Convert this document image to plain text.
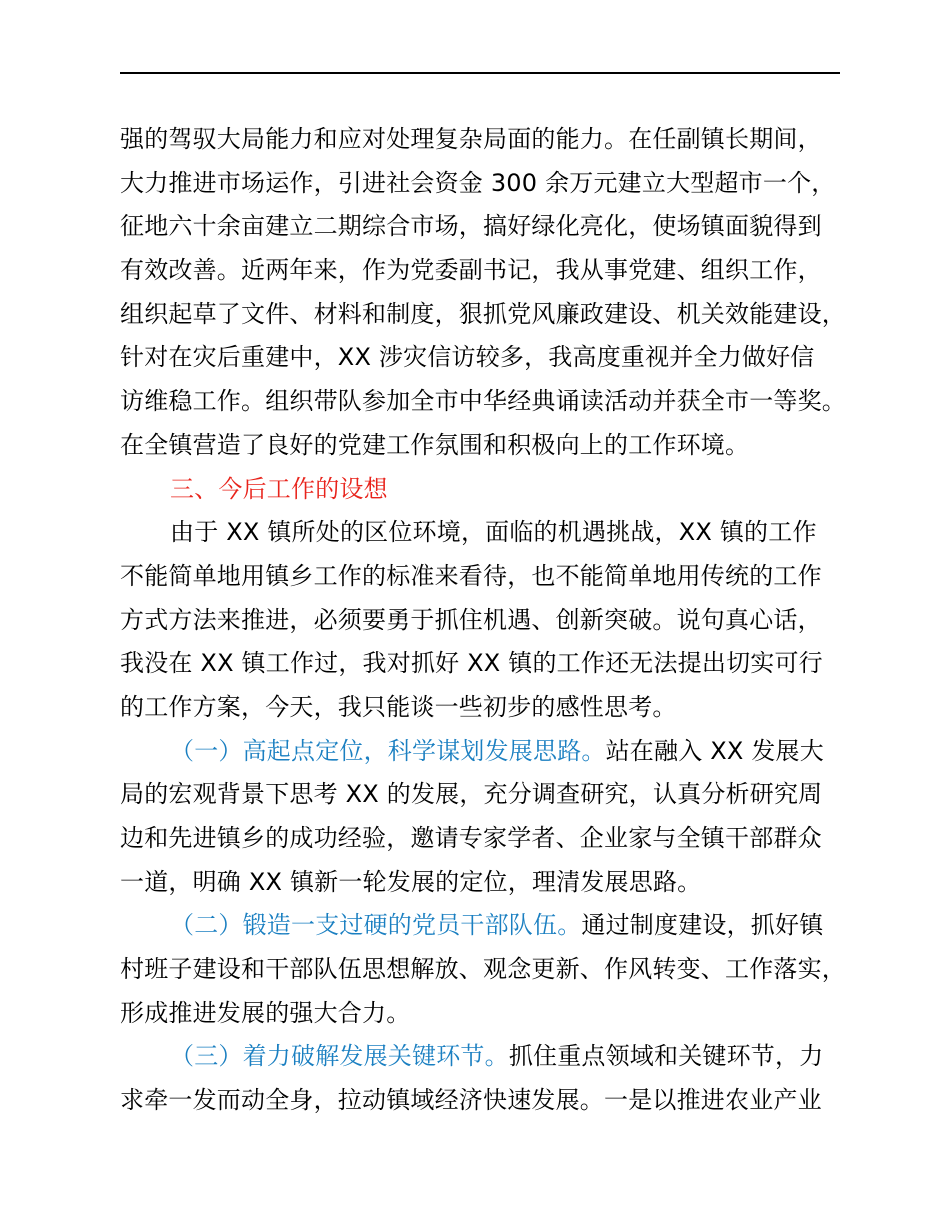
强的驾驭大局能力和应对处理复杂局面的能力。在任副镇长期间，
大力推进市场运作，引进社会资金 300 余万元建立大型超市一个，
征地六十余亩建立二期综合市场，搞好绿化亮化，使场镇面貌得到
有效改善。近两年来，作为党委副书记，我从事党建、组织工作，
组织起草了文件、材料和制度，狠抓党风廉政建设、机关效能建设，
针对在灾后重建中，XX 涉灾信访较多，我高度重视并全力做好信
访维稳工作。组织带队参加全市中华经典诵读活动并获全市一等奖。
在全镇营造了良好的党建工作氛围和积极向上的工作环境。
三、今后工作的设想
由于 XX 镇所处的区位环境，面临的机遇挑战，XX 镇的工作
不能简单地用镇乡工作的标准来看待，也不能简单地用传统的工作
方式方法来推进，必须要勇于抓住机遇、创新突破。说句真心话，
我没在 XX 镇工作过，我对抓好 XX 镇的工作还无法提出切实可行
的工作方案，今天，我只能谈一些初步的感性思考。
（一）高起点定位，科学谋划发展思路。站在融入 XX 发展大
局的宏观背景下思考 XX 的发展，充分调查研究，认真分析研究周
边和先进镇乡的成功经验，邀请专家学者、企业家与全镇干部群众
一道，明确 XX 镇新一轮发展的定位，理清发展思路。
（二）锻造一支过硬的党员干部队伍。通过制度建设，抓好镇
村班子建设和干部队伍思想解放、观念更新、作风转变、工作落实，
形成推进发展的强大合力。
（三）着力破解发展关键环节。抓住重点领域和关键环节，力
求牵一发而动全身，拉动镇域经济快速发展。一是以推进农业产业
